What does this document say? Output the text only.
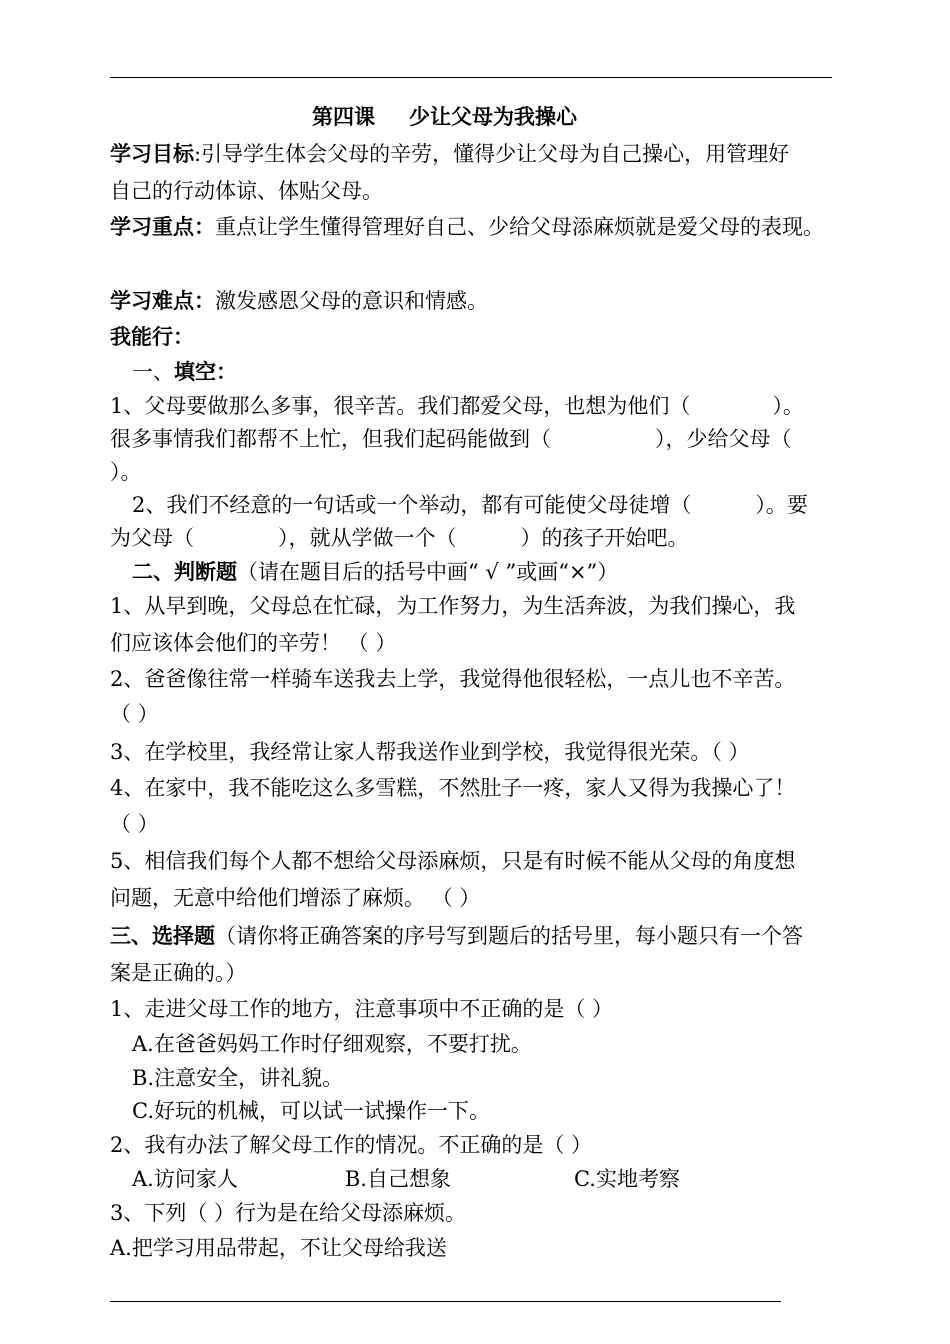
第四课 少让父母为我操心
学习目标:引导学生体会父母的辛劳，懂得少让父母为自己操心，用管理好
自己的行动体谅、体贴父母。
学习重点：重点让学生懂得管理好自己、少给父母添麻烦就是爱父母的表现。
学习难点：激发感恩父母的意识和情感。
我能行：
一、填空：
1、父母要做那么多事，很辛苦。我们都爱父母，也想为他们（	）。
很多事情我们都帮不上忙，但我们起码能做到（	），少给父母（
）。
2、我们不经意的一句话或一个举动，都有可能使父母徒增（	）。要
为父母（	），就从学做一个（	）的孩子开始吧。
二、判断题（请在题目后的括号中画“ √ ”或画“×”）
1、从早到晚，父母总在忙碌，为工作努力，为生活奔波，为我们操心，我
们应该体会他们的辛劳！ （ ）
2、爸爸像往常一样骑车送我去上学，我觉得他很轻松，一点儿也不辛苦。
（ ）
3、在学校里，我经常让家人帮我送作业到学校，我觉得很光荣。（ ）
4、在家中，我不能吃这么多雪糕，不然肚子一疼，家人又得为我操心了！
（ ）
5、相信我们每个人都不想给父母添麻烦，只是有时候不能从父母的角度想
问题，无意中给他们增添了麻烦。 （ ）
三、选择题（请你将正确答案的序号写到题后的括号里，每小题只有一个答
案是正确的。）
1、走进父母工作的地方，注意事项中不正确的是（ ）
A.在爸爸妈妈工作时仔细观察，不要打扰。
B.注意安全，讲礼貌。
C.好玩的机械，可以试一试操作一下。
2、我有办法了解父母工作的情况。不正确的是（ ）
A.访问家人	B.自己想象	C.实地考察
3、下列（ ）行为是在给父母添麻烦。
A.把学习用品带起，不让父母给我送
